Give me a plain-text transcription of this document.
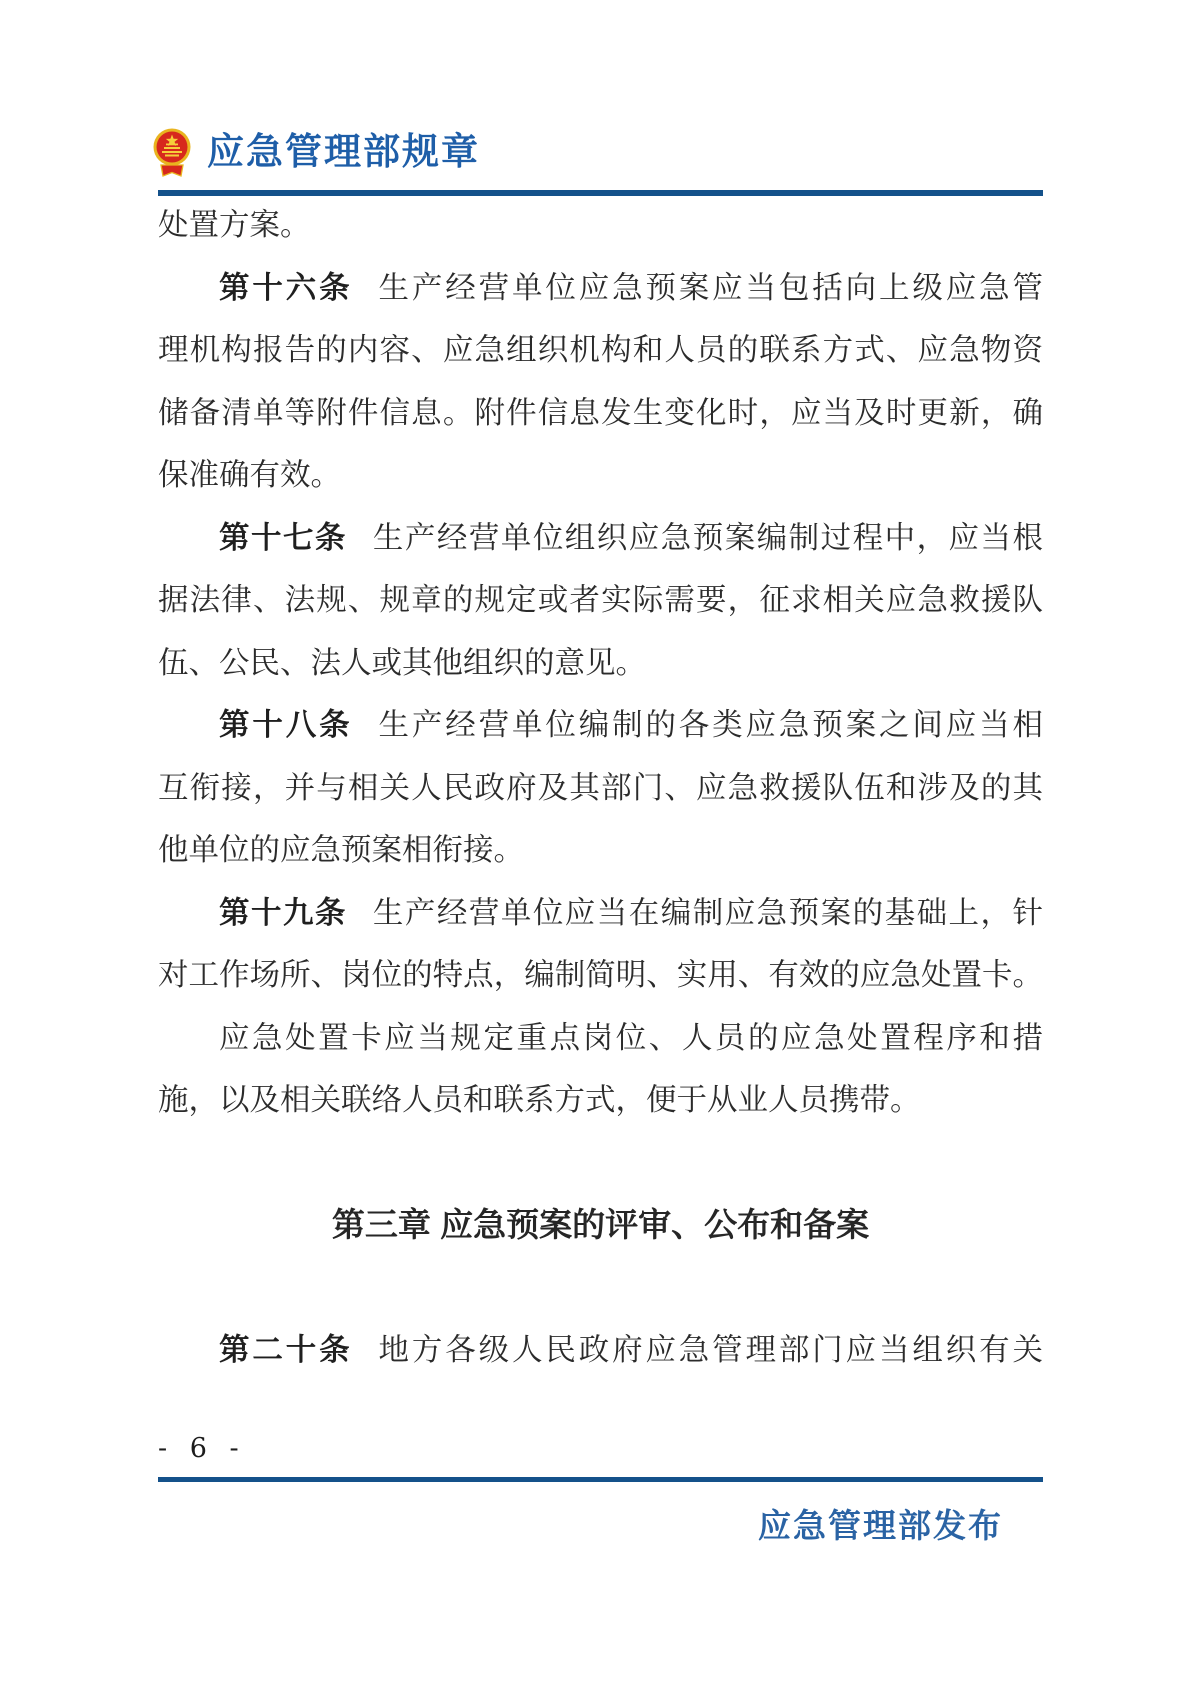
应急管理部规章
处置方案。
第十六条 生产经营单位应急预案应当包括向上级应急管
理机构报告的内容、应急组织机构和人员的联系方式、应急物资
储备清单等附件信息。附件信息发生变化时，应当及时更新，确
保准确有效。
第十七条 生产经营单位组织应急预案编制过程中，应当根
据法律、法规、规章的规定或者实际需要，征求相关应急救援队
伍、公民、法人或其他组织的意见。
第十八条 生产经营单位编制的各类应急预案之间应当相
互衔接，并与相关人民政府及其部门、应急救援队伍和涉及的其
他单位的应急预案相衔接。
第十九条 生产经营单位应当在编制应急预案的基础上，针
对工作场所、岗位的特点，编制简明、实用、有效的应急处置卡。
应急处置卡应当规定重点岗位、人员的应急处置程序和措
施，以及相关联络人员和联系方式，便于从业人员携带。
第三章 应急预案的评审、公布和备案
第二十条 地方各级人民政府应急管理部门应当组织有关
- 6 -
应急管理部发布
